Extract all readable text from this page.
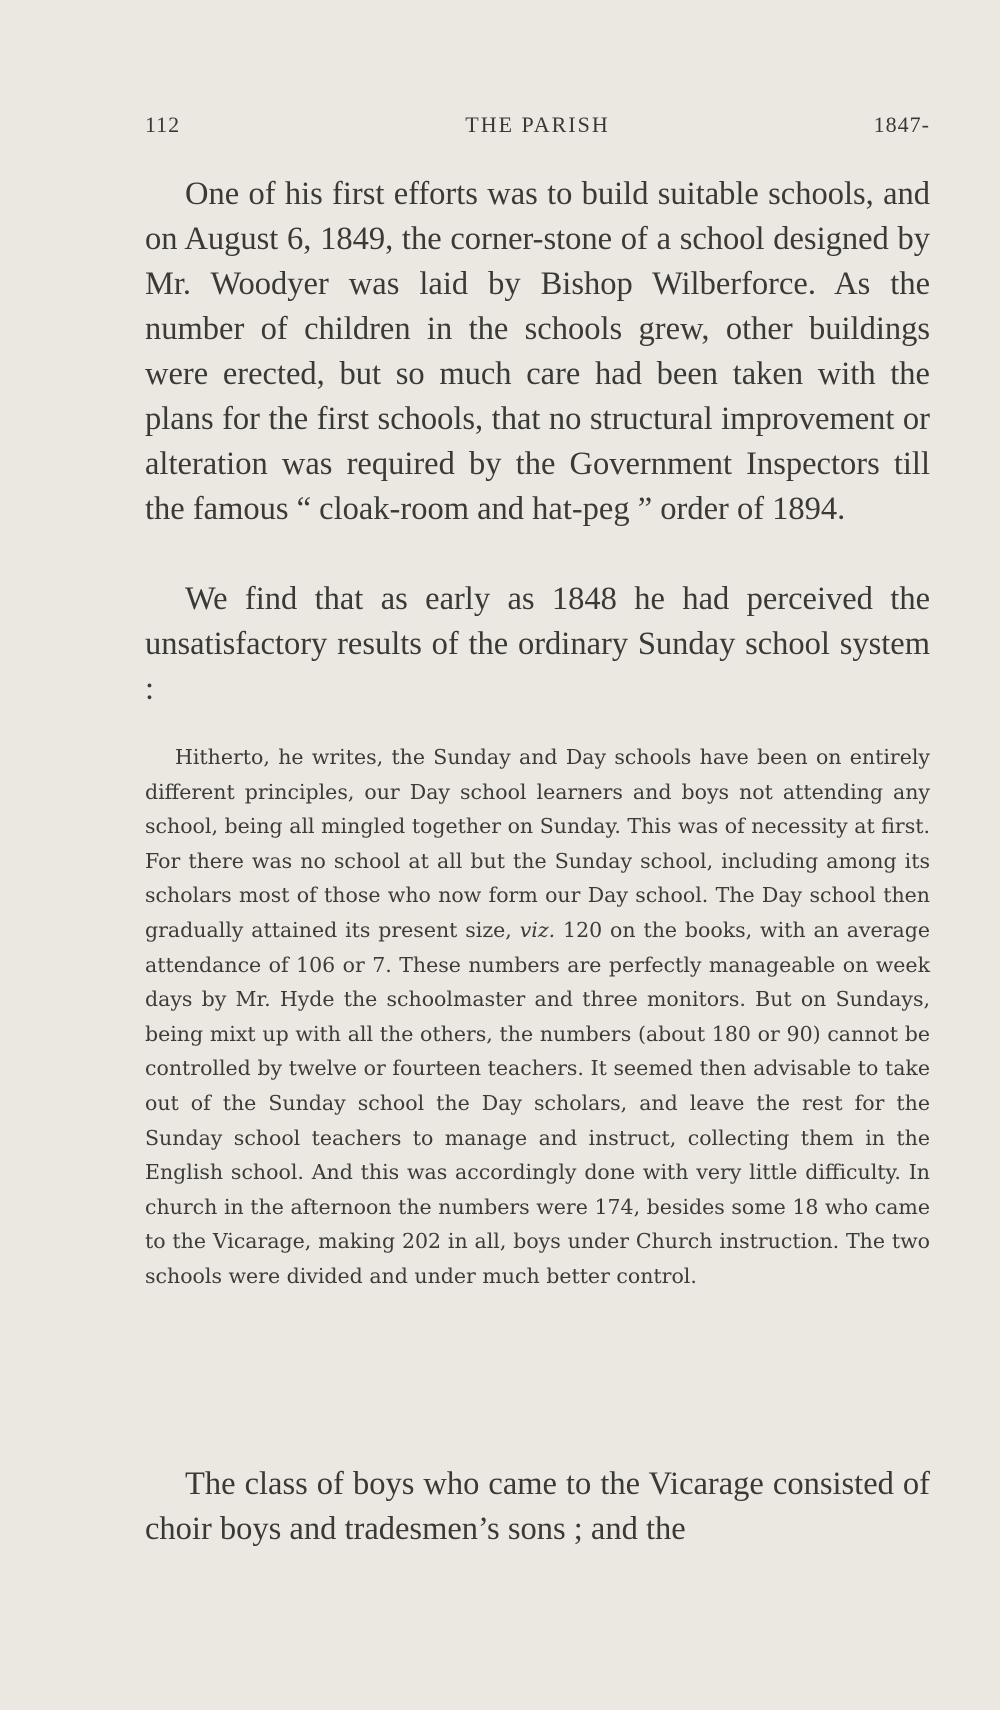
112	THE PARISH	1847-

One of his first efforts was to build suitable schools, and on August 6, 1849, the corner-stone of a school designed by Mr. Woodyer was laid by Bishop Wilberforce. As the number of children in the schools grew, other buildings were erected, but so much care had been taken with the plans for the first schools, that no structural improvement or alteration was required by the Government Inspectors till the famous “ cloak-room and hat-peg ” order of 1894.

We find that as early as 1848 he had perceived the unsatisfactory results of the ordinary Sunday school system :

Hitherto, he writes, the Sunday and Day schools have been on entirely different principles, our Day school learners and boys not attending any school, being all mingled together on Sunday. This was of necessity at first. For there was no school at all but the Sunday school, including among its scholars most of those who now form our Day school. The Day school then gradually attained its present size, viz. 120 on the books, with an average attendance of 106 or 7. These numbers are perfectly manageable on week days by Mr. Hyde the schoolmaster and three monitors. But on Sundays, being mixt up with all the others, the numbers (about 180 or 90) cannot be controlled by twelve or fourteen teachers. It seemed then advisable to take out of the Sunday school the Day scholars, and leave the rest for the Sunday school teachers to manage and instruct, collecting them in the English school. And this was accordingly done with very little difficulty. In church in the afternoon the numbers were 174, besides some 18 who came to the Vicarage, making 202 in all, boys under Church instruction. The two schools were divided and under much better control.

The class of boys who came to the Vicarage consisted of choir boys and tradesmen’s sons ; and the
